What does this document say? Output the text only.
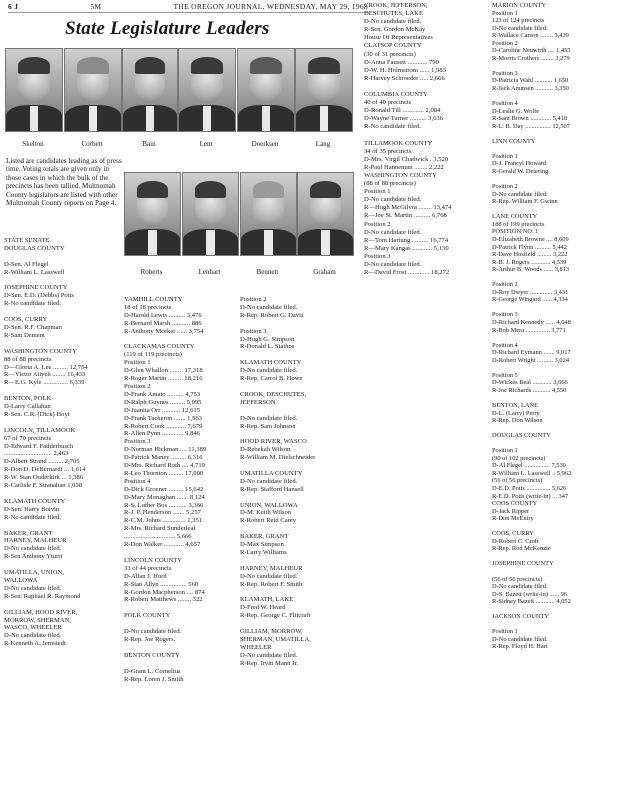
6 J	5M	THE OREGON JOURNAL, WEDNESDAY, MAY 29, 1968
State Legislature Leaders
Skelton	Corbett	Bain	Lent	Doerksen	Lang
Roberts	Lenhart	Bennett	Graham
Listed are candidates leading as of press time. Voting totals are given only in those cases in which the bulk of the precincts has been tallied. Multnomah County legislators are listed with other Multnomah County reports on Page 4.
STATE SENATE
DOUGLAS COUNTY

D-Sen. Al Flegel
R-William L. Lasswell

JOSEPHINE COUNTY
D-Sen. E.D. (Debbs) Potts
R-No candidate filed.

COOS, CURRY
D-Sen. R.F. Chapman
R-Sam Dement

WASHINGTON COUNTY
88 of 88 precincts
D—Gloria A. Lee ......... 12,754
R—Victor Atiyeh ........ 16,433
R—E.G. Kyle ............... 6,339

BENTON, POLK
D-Larry Callahan
R-Sen. C.R. (Dick) Hoyt

LINCOLN, TILLAMOOK
67 of 70 precincts
D-Edward F. Fadderbusch
............................. 2,463
D-Albert Strand ......... 2,705
R-Don D. DeBernardi ... 1,614
R-W. Stan Ouderkirk ... 1,386
R-Carlisle F. Stranahan 1,038

KLAMATH COUNTY
D-Sen. Harry Boivin
R-No candidate filed.

BAKER, GRANT
HARNEY, MALHEUR
D-No candidate filed.
R-Sen Anthony Yturri

UMATILLA, UNION,
WALLOWA
D-No candidate filed.
R-Sen. Raphael R. Raymond

GILLIAM, HOOD RIVER,
MORROW, SHERMAN,
WASCO, WHEELER
D-No candidate filed.
R-Kenneth A. Jernstedt
YAMHILL COUNTY
18 of 18 precincts
D-Harold Lewis .......... 3,476
R-Bernard Marsh ........... 886
R-Anthony Meeker ...... 3,754

CLACKAMAS COUNTY
(119 of 119 precincts)
Position 1
D-Glen Whallon ........ 17,318
R-Roger Martin ......... 18,216
Position 2
D-Frank Amato .......... 4,753
D-Ralph Guynes ......... 5,095
D-Juanita Orr ........... 12,615
D-Frank Tacheron ....... 1,563
R-Robert Cook ............ 7,679
R-Allen Pynn ............. 9,846
Position 3
D-Norman Hickman .... 11,389
D-Patrick Maney ......... 6,316
D-Mrs. Richard Roth .... 4,710
R-Leo Thornton ......... 17,000
Position 4
D-Dick Groener ......... 15,642
D-Mary Monaghan ....... 8,124
R-S. Luther Bos ........... 3,366
R-J. P. Henderson ....... 5,257
R-C.M. Johns .............. 1,351
R-Mrs. Richard Sunderleaf
............................... 5,666
R-Don Walker ............ 4,657

LINCOLN COUNTY
33 of 44 precincts
D-Allan J. Hord
R-Stan Allyn ................ 560
R-Gordon Macpherson .... 874
R-Robert Matthews ........ 322

POLK COUNTY

D-No candidate filed.
R-Rep. Joe Rogers.

BENTON COUNTY

D-Grant L. Cornelius
R-Rep. Loren J. Smith
Position 2
D-No candidate filed.
R-Rep. Robert G. Davis

Position 3
D-Hugh G. Simpson
R-Donald L. Stathos

KLAMATH COUNTY
D-No candidate filed.
R-Rep. Carrol B. Howe

CROOK, DESCHUTES,
JEFFERSON

D-No candidate filed.
R-Rep. Sam Johnson

HOOD RIVER, WASCO
D-Rebekah Wilson
R-William M. Dielschneider

UMATILLA COUNTY
D-No candidate filed.
R-Rep. Stafford Hansell

UNION, WALLOWA
D-M. Keith Wilson
R-Robert Reid Carey

BAKER, GRANT
D-Max Simpson
R-Larry Williams

HARNEY, MALHEUR
D-No candidate filed.
R-Rep. Robert F. Smith

KLAMATH, LAKE
D-Fred W. Heard
R-Rep. George C. Flitcraft

GILLIAM, MORROW,
SHERMAN, UMATILLA,
WHEELER
D-No candidate filed.
R-Rep. Irvin Mann Jr.
CROOK, JEFFERSON,
DESCHUTES, LAKE
D-No candidate filed.
R-Sen. Gordon McKay
House Of Representatives
CLATSOP COUNTY
(30 of 31 precincts)
D-Anna Fausett ............ 790
D-W. H. Holmstrom ...... 1,983
R-Harvey Schroeder ..... 2,666

COLUMBIA COUNTY
40 of 40 precincts
D-Ronald Till ............. 2,084
D-Wayne Turner .......... 3,636
R-No candidate filed.

TILLAMOOK COUNTY
34 of 35 precincts
D-Mrs. Virgil Chadwick . 3,520
R-Paul Hanneman ........ 2,222
WASHINGTON COUNTY
(88 of 88 precincts)
Position 1
D-No candidate filed.
R—Hugh McGilvra ........ 13,474
R—Joe St. Martin .......... 6,768
Position 2
D-No candidate filed.
R—Tom Hartung .......... 16,774
R—Mary Kangas ............ 5,130
Position 3
D-No candidate filed.
R—David Frost ............. 18,272
MARION COUNTY
Position 1
123 of 124 precincts
D-No candidate filed.
R-Wallace Carson ........ 3,439
Position 2
D-Caroline Neuwirth .... 1,455
R-Morris Crothers ........ 3,279

Position 3
D-Patricia Wahl ........... 1,650
R-Jack Anunsen ........... 3,350

Position 4
D-Leslie G. Wolfe
R-Sam Brown ............. 5,418
R-L. B. Day ................ 12,507

LINN COUNTY

Position 1
D-J. Francyl Howard
R-Gerald W. Detering

Position 2
D-No candidate filed.
R-Rep. William F. Gwinn

LANE COUNTY
188 of 199 precincts
POSITION NO. 1
D-Elizabeth Browne .... 8,609
D-Patrick Flynn .......... 5,442
R-Dave Hosfield ......... 3,222
R-B. J. Rogers ............ 4,539
R-Arthur B. Woods ...... 3,813

Position 2
D-Roy Dwyer .............. 3,431
R-George Wingard ...... 4,334

Position 3
D-Richard Kennedy ...... 4,048
R-Bob Mera ............... 3,771

Position 4
D-Richard Eymann ....... 9,017
D-Robert Wright .......... 3,024

Position 5
D-Wickes Beal ............ 3,666
R-Joe Richards ........... 4,550

BENTON, LANE
D-L. (Larry) Perry
R-Rep. Don Wilson

DOUGLAS COUNTY

Position 1
(90 of 102 precincts)
D-Al Flegel ................ 7,530
R-William L. Lasswell .. 5,962
(56 of 56 precincts)
D-E.D. Potts ............... 5,626
R-E.D. Potts (write-in) ... 347
COOS COUNTY
D-Jack Ripper
R-Don McEniry

COOS, CURRY
D-Robert C. Croft
R-Rep. Rod McKenzie

JOSEPHINE COUNTY

(56 of 56 precincts)
D-No candidate filed.
D-S. Bazett (write-in) ...... 96
R-Sidney Bazett ............ 4,052

JACKSON COUNTY

Position 1
D-No candidate filed.
R-Rep. Floyd H. Hart
